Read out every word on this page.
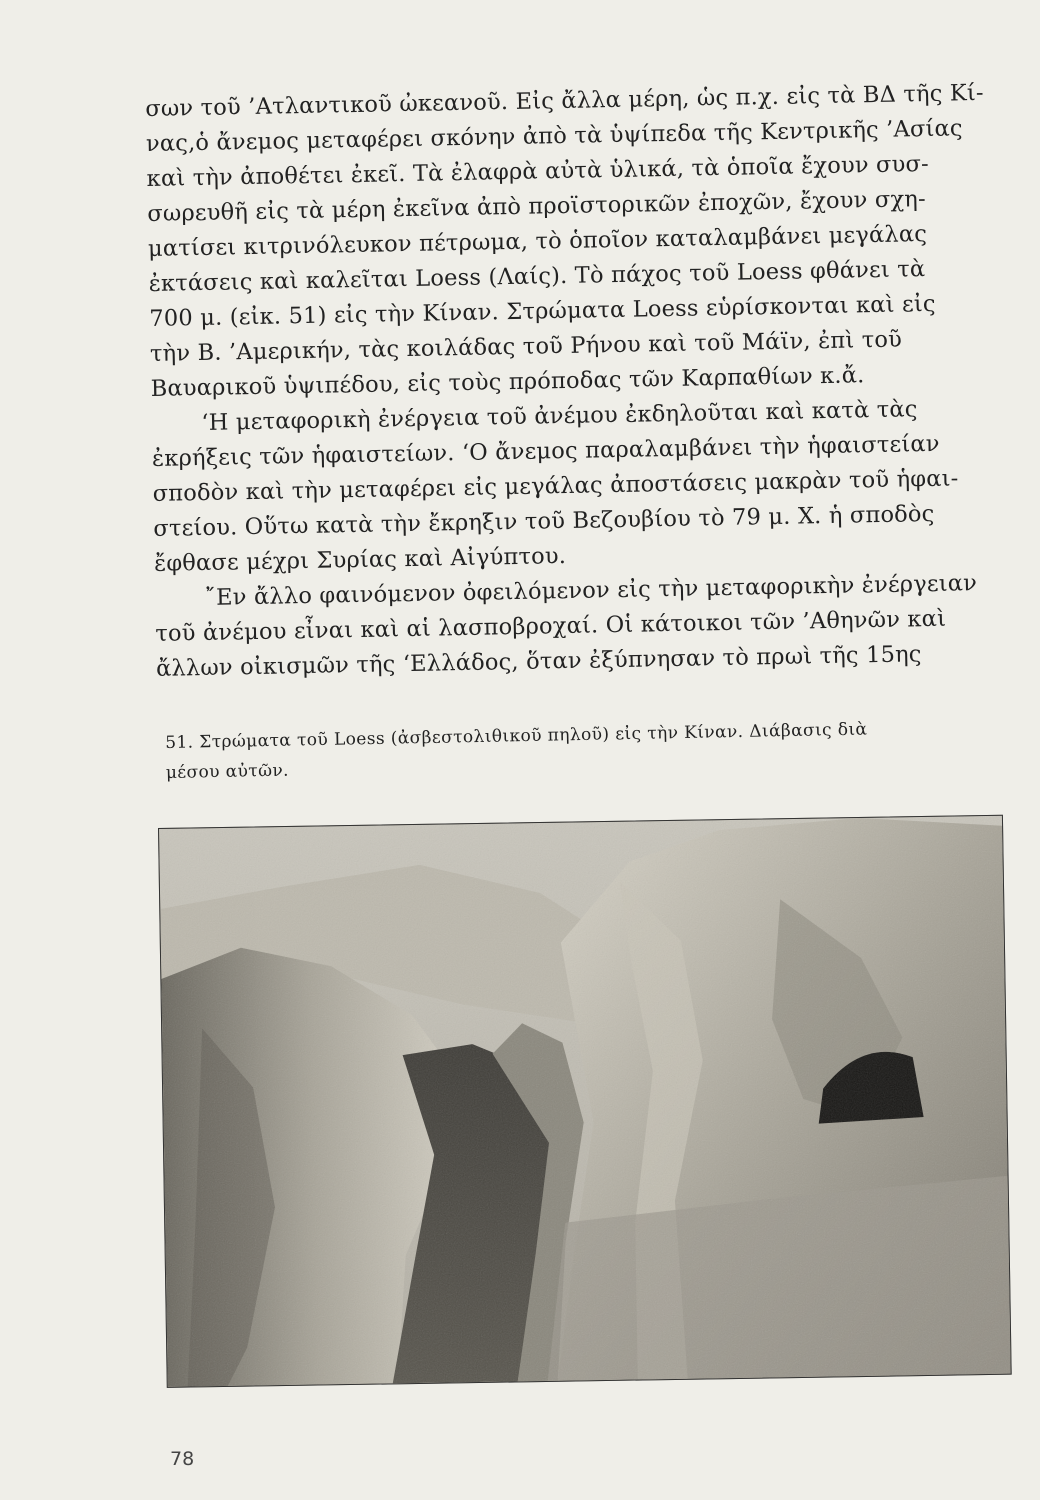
σων τοῦ ’Ατλαντικοῦ ὠκεανοῦ. Εἰς ἄλλα μέρη, ὡς π.χ. εἰς τὰ ΒΔ τῆς Κί-
νας,ὁ ἄνεμος μεταφέρει σκόνην ἀπὸ τὰ ὑψίπεδα τῆς Κεντρικῆς ’Ασίας
καὶ τὴν ἀποθέτει ἐκεῖ. Τὰ ἐλαφρὰ αὐτὰ ὑλικά, τὰ ὁποῖα ἔχουν συσ-
σωρευθῆ εἰς τὰ μέρη ἐκεῖνα ἀπὸ προϊστορικῶν ἐποχῶν, ἔχουν σχη-
ματίσει κιτρινόλευκον πέτρωμα, τὸ ὁποῖον καταλαμβάνει μεγάλας
ἐκτάσεις καὶ καλεῖται Loess (Λαίς). Τὸ πάχος τοῦ Loess φθάνει τὰ
700 μ. (εἰκ. 51) εἰς τὴν Κίναν. Στρώματα Loess εὑρίσκονται καὶ εἰς
τὴν Β. ’Αμερικήν, τὰς κοιλάδας τοῦ Ρήνου καὶ τοῦ Μάϊν, ἐπὶ τοῦ
Βαυαρικοῦ ὑψιπέδου, εἰς τοὺς πρόποδας τῶν Καρπαθίων κ.ἄ.
‘Η μεταφορικὴ ἐνέργεια τοῦ ἀνέμου ἐκδηλοῦται καὶ κατὰ τὰς
ἐκρήξεις τῶν ἡφαιστείων. ‘Ο ἄνεμος παραλαμβάνει τὴν ἡφαιστείαν
σποδὸν καὶ τὴν μεταφέρει εἰς μεγάλας ἀποστάσεις μακρὰν τοῦ ἡφαι-
στείου. Οὕτω κατὰ τὴν ἔκρηξιν τοῦ Βεζουβίου τὸ 79 μ. Χ. ἡ σποδὸς
ἔφθασε μέχρι Συρίας καὶ Αἰγύπτου.
῎Εν ἄλλο φαινόμενον ὀφειλόμενον εἰς τὴν μεταφορικὴν ἐνέργειαν
τοῦ ἀνέμου εἶναι καὶ αἱ λασποβροχαί. Οἱ κάτοικοι τῶν ’Αθηνῶν καὶ
ἄλλων οἰκισμῶν τῆς ‘Ελλάδος, ὅταν ἐξύπνησαν τὸ πρωὶ τῆς 15ης
51. Στρώματα τοῦ Loess (ἀσβεστολιθικοῦ πηλοῦ) εἰς τὴν Κίναν. Διάβασις διὰ
μέσου αὐτῶν.
78
